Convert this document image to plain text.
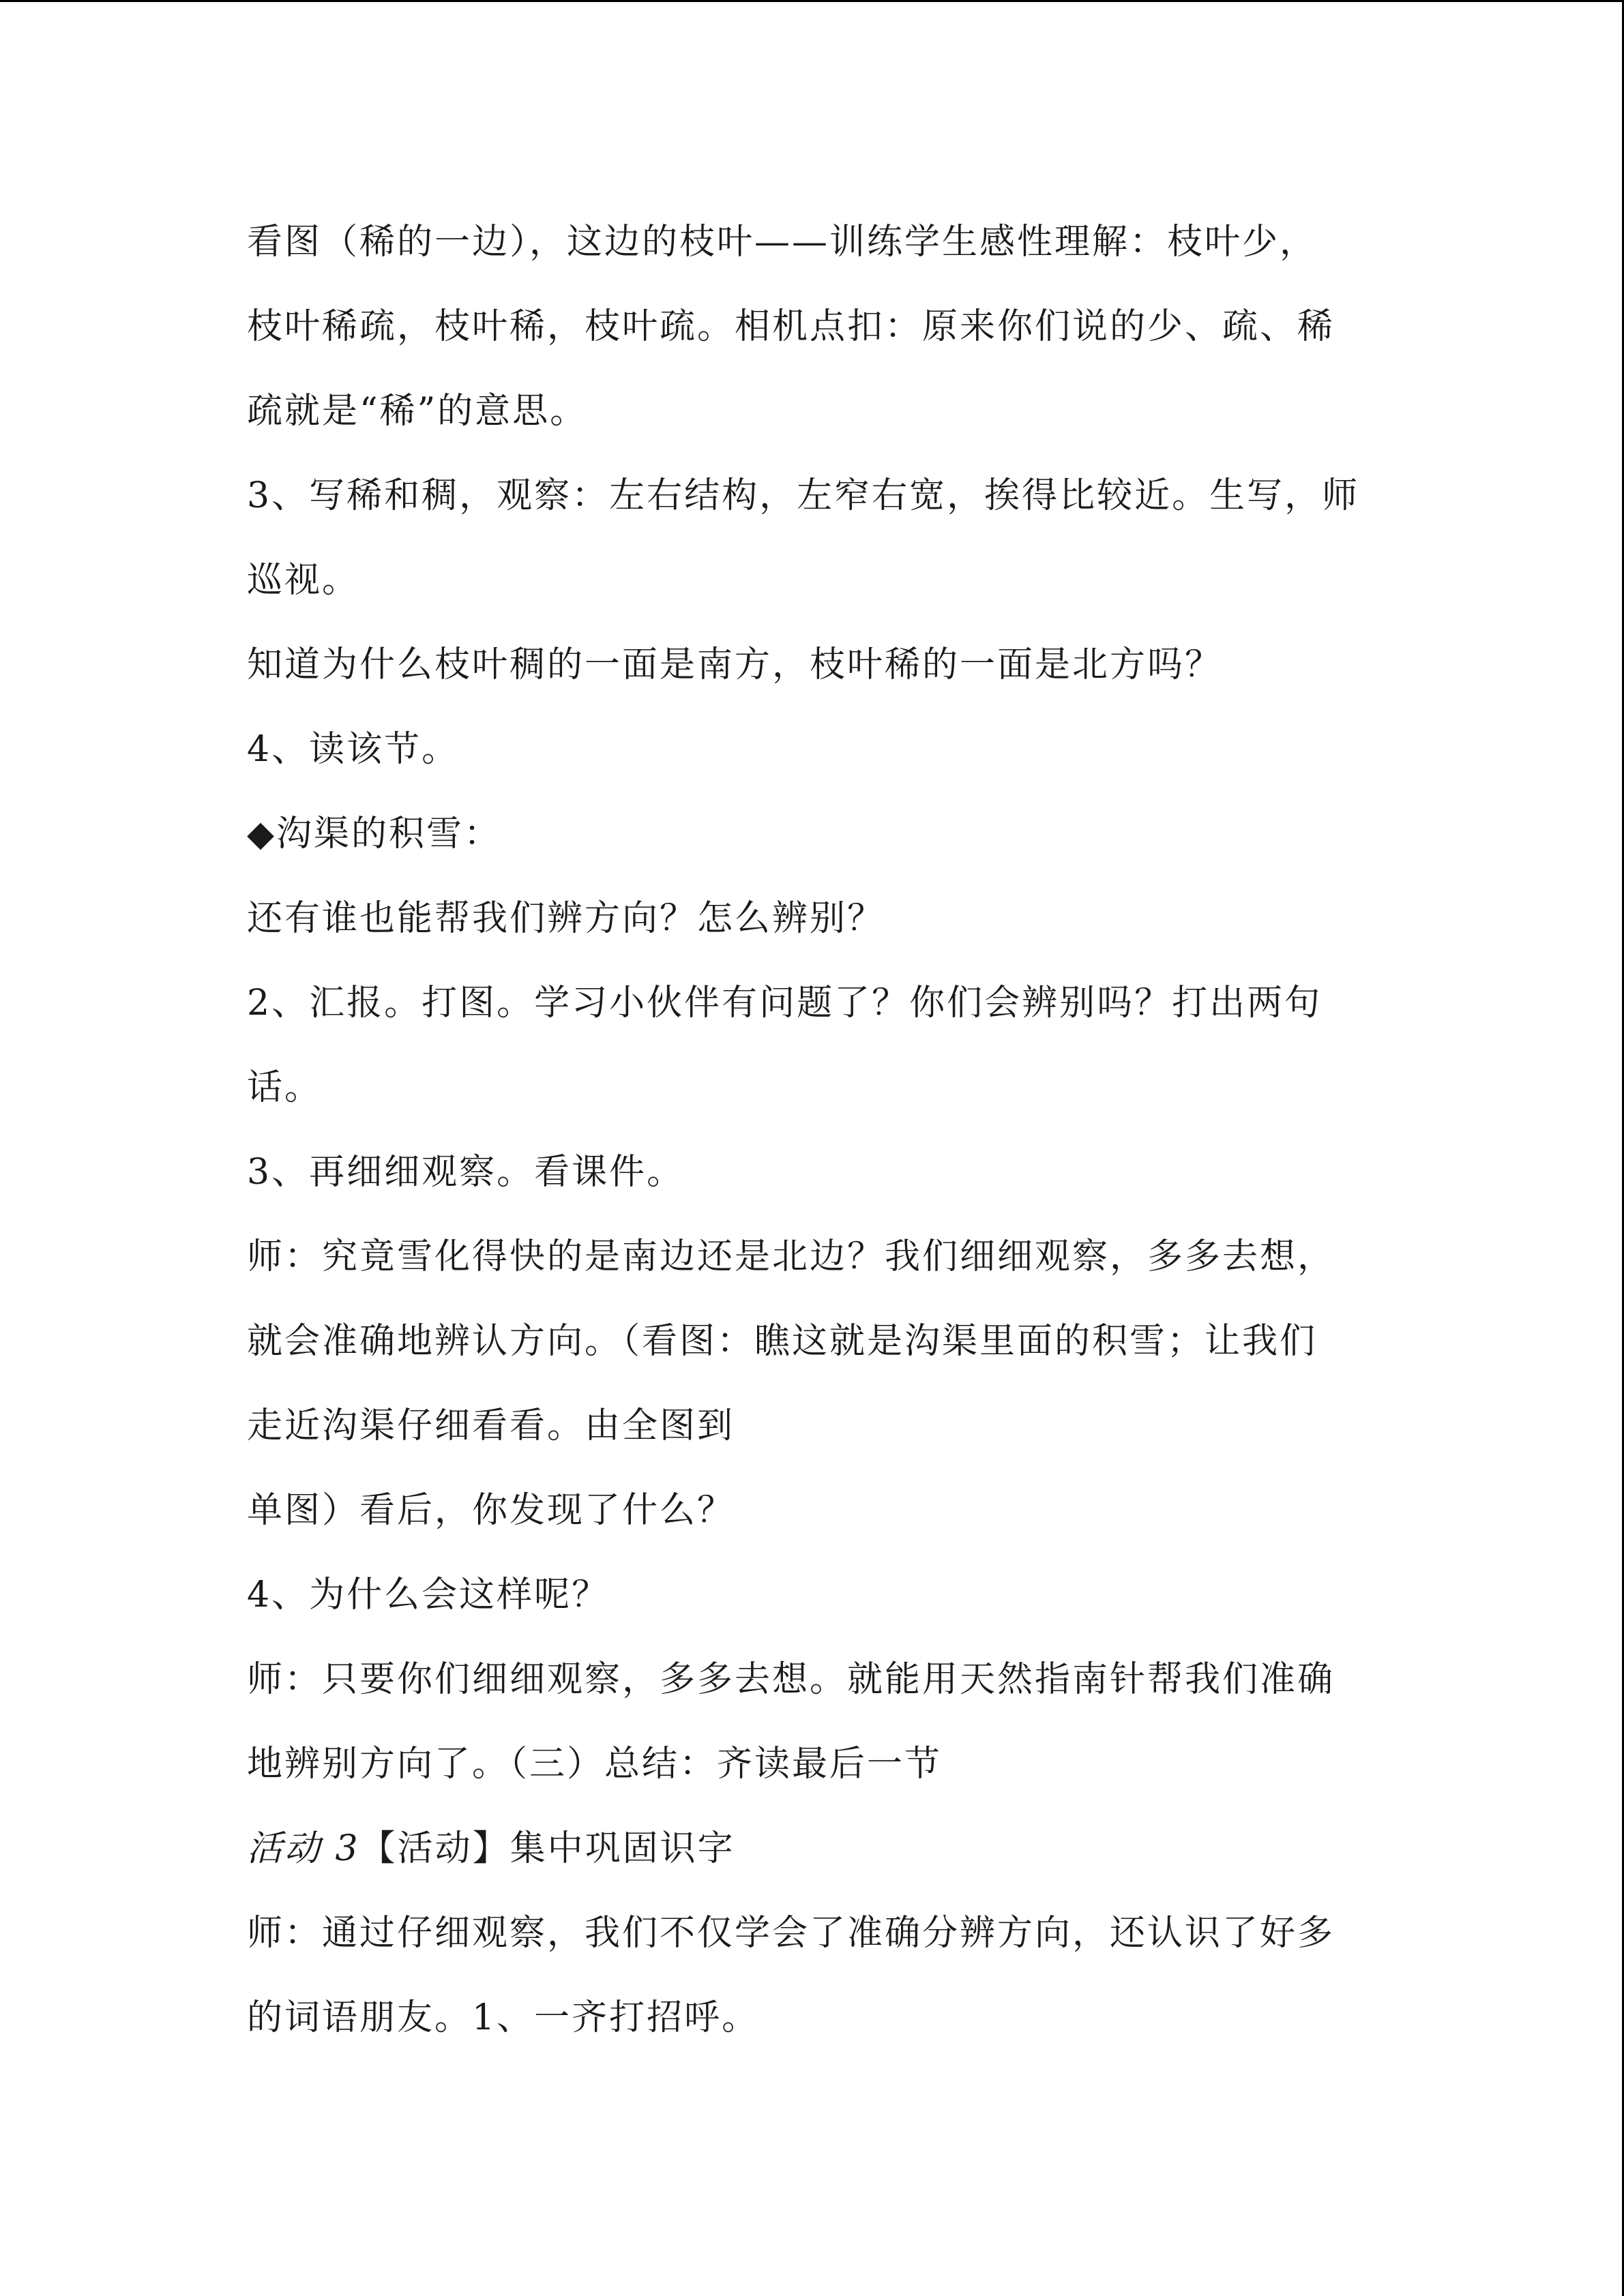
看图（稀的一边），这边的枝叶——训练学生感性理解：枝叶少，

枝叶稀疏，枝叶稀，枝叶疏。相机点扣：原来你们说的少、疏、稀

疏就是“稀”的意思。

3、写稀和稠，观察：左右结构，左窄右宽，挨得比较近。生写，师

巡视。

知道为什么枝叶稠的一面是南方，枝叶稀的一面是北方吗？

4、读该节。

◆沟渠的积雪：

还有谁也能帮我们辨方向？怎么辨别？

2、汇报。打图。学习小伙伴有问题了？你们会辨别吗？打出两句

话。

3、再细细观察。看课件。

师：究竟雪化得快的是南边还是北边？我们细细观察，多多去想，

就会准确地辨认方向。（看图：瞧这就是沟渠里面的积雪；让我们

走近沟渠仔细看看。由全图到

单图）看后，你发现了什么？

4、为什么会这样呢？

师：只要你们细细观察，多多去想。就能用天然指南针帮我们准确

地辨别方向了。（三）总结：齐读最后一节

活动 3【活动】集中巩固识字

师：通过仔细观察，我们不仅学会了准确分辨方向，还认识了好多

的词语朋友。1、一齐打招呼。
